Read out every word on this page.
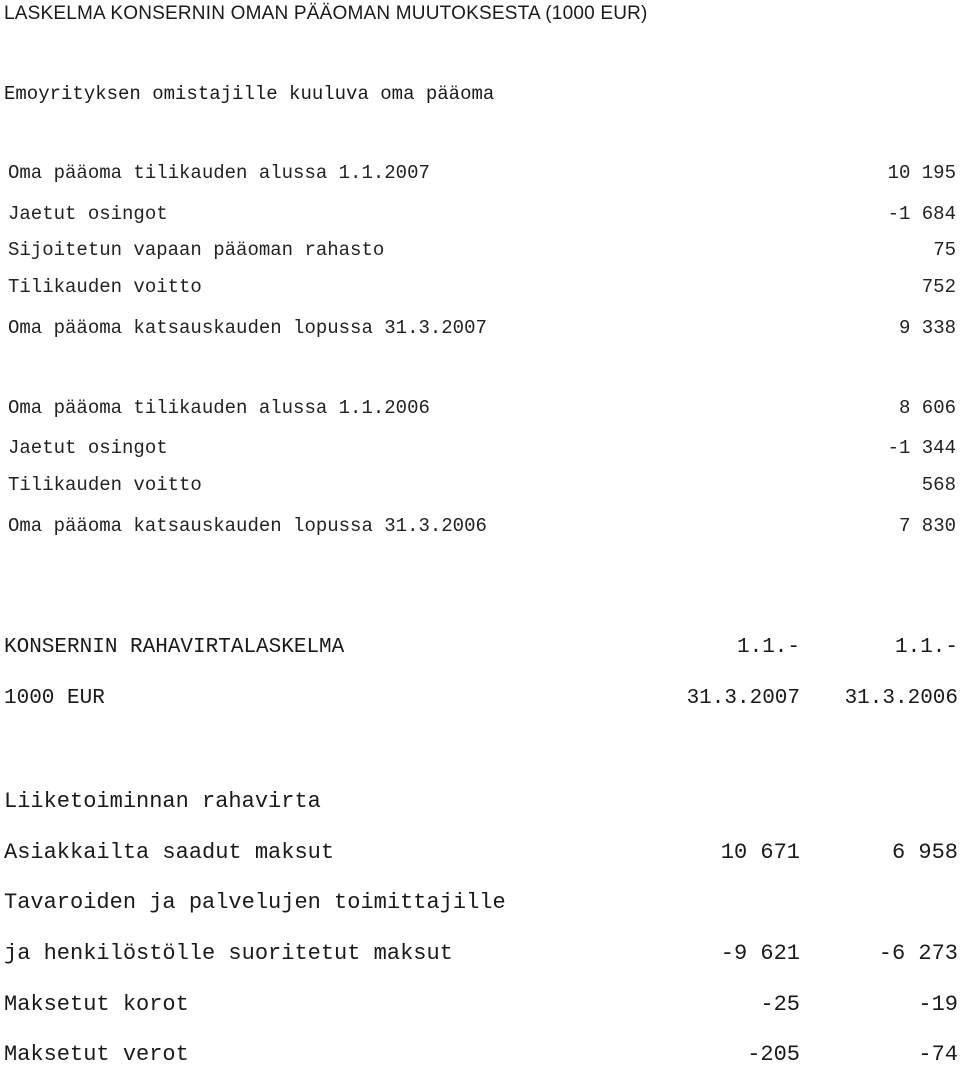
LASKELMA KONSERNIN OMAN PÄÄOMAN MUUTOKSESTA (1000 EUR)
Emoyrityksen omistajille kuuluva oma pääoma
Oma pääoma tilikauden alussa 1.1.2007	10 195
Jaetut osingot	-1 684
Sijoitetun vapaan pääoman rahasto	75
Tilikauden voitto	752
Oma pääoma katsauskauden lopussa 31.3.2007	9 338
Oma pääoma tilikauden alussa 1.1.2006	8 606
Jaetut osingot	-1 344
Tilikauden voitto	568
Oma pääoma katsauskauden lopussa 31.3.2006	7 830
KONSERNIN RAHAVIRTALASKELMA	1.1.-	1.1.-
1000 EUR	31.3.2007 31.3.2006
Liiketoiminnan rahavirta
Asiakkailta saadut maksut	10 671	6 958
Tavaroiden ja palvelujen toimittajille
ja henkilöstölle suoritetut maksut	-9 621	-6 273
Maksetut korot	-25	-19
Maksetut verot	-205	-74
